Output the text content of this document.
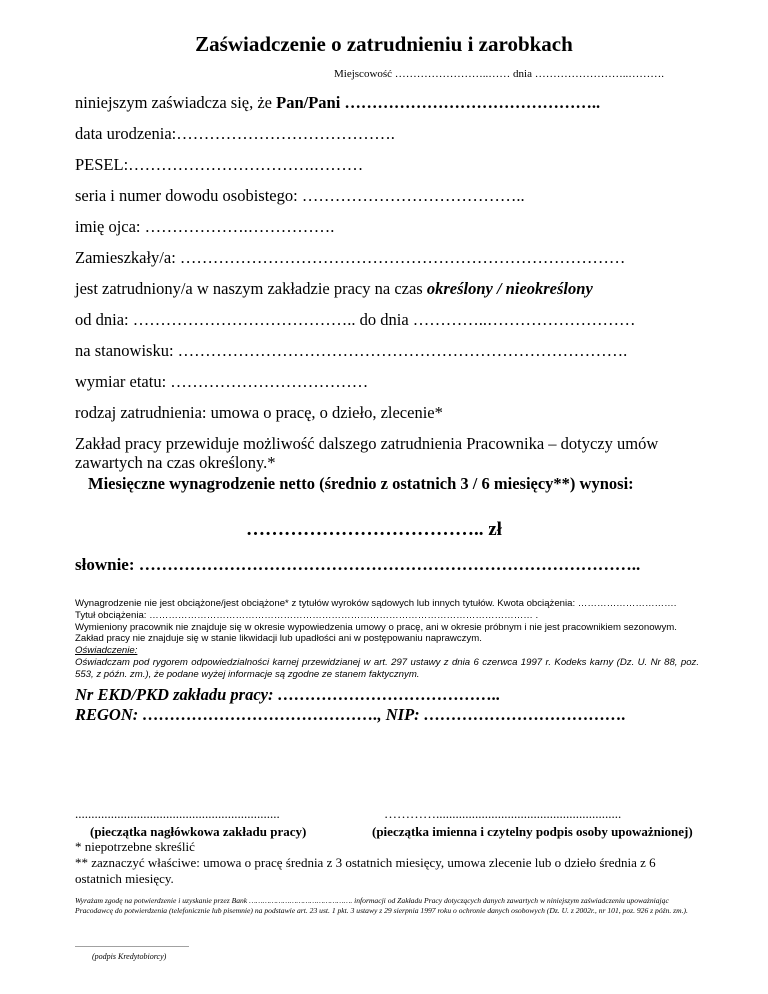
Zaświadczenie o zatrudnieniu i zarobkach
Miejscowość ……………………..…… dnia ……………………..……….
niniejszym zaświadcza się, że Pan/Pani ………………………………………..
data urodzenia:………………………………….
PESEL:…………………………….………
seria i numer dowodu osobistego: …………………………………..
imię ojca: ……………….…………….
Zamieszkały/a: ………………………………………………………………………
jest zatrudniony/a w naszym zakładzie pracy na czas określony / nieokreślony
od dnia: ………………………………….. do dnia …………..………………………
na stanowisku: ……………………………………………………………………….
wymiar etatu: ………………………………
rodzaj zatrudnienia: umowa o pracę, o dzieło, zlecenie*
Zakład pracy przewiduje możliwość dalszego zatrudnienia Pracownika – dotyczy umów zawartych na czas określony.*
Miesięczne wynagrodzenie netto (średnio z ostatnich 3 / 6 miesięcy**) wynosi:
……………………………….. zł
słownie: ……………………………………………………………………………..
Wynagrodzenie nie jest obciążone/jest obciążone* z tytułów wyroków sądowych lub innych tytułów. Kwota obciążenia: ………………………….
Tytuł obciążenia: ………………………………………………………………………………………………………… .
Wymieniony pracownik nie znajduje się w okresie wypowiedzenia umowy o pracę, ani w okresie próbnym i nie jest pracownikiem sezonowym.
Zakład pracy nie znajduje się w stanie likwidacji lub upadłości ani w postępowaniu naprawczym.
Oświadczenie:
Oświadczam pod rygorem odpowiedzialności karnej przewidzianej w art. 297 ustawy z dnia 6 czerwca 1997 r. Kodeks karny (Dz. U. Nr 88, poz. 553, z późn. zm.), że podane wyżej informacje są zgodne ze stanem faktycznym.
Nr EKD/PKD zakładu pracy: …………………………………..
REGON: ……………………………………., NIP: ……………………………….
...............................................................
(pieczątka nagłówkowa zakładu pracy)
………….........................................................
(pieczątka imienna i czytelny podpis osoby upoważnionej)
* niepotrzebne skreślić
** zaznaczyć właściwe: umowa o pracę średnia z 3 ostatnich miesięcy, umowa zlecenie lub o dzieło średnia z 6 ostatnich miesięcy.
Wyrażam zgodę na potwierdzenie i uzyskanie przez Bank ………………………………………. informacji od Zakładu Pracy dotyczących danych zawartych w niniejszym zaświadczeniu upoważniając Pracodawcę do potwierdzenia (telefonicznie lub pisemnie) na podstawie art. 23 ust. 1 pkt. 3 ustawy z 29 sierpnia 1997 roku o ochronie danych osobowych (Dz. U. z 2002r., nr 101, poz. 926 z późn. zm.).
.........................................................
(podpis Kredytobiorcy)
